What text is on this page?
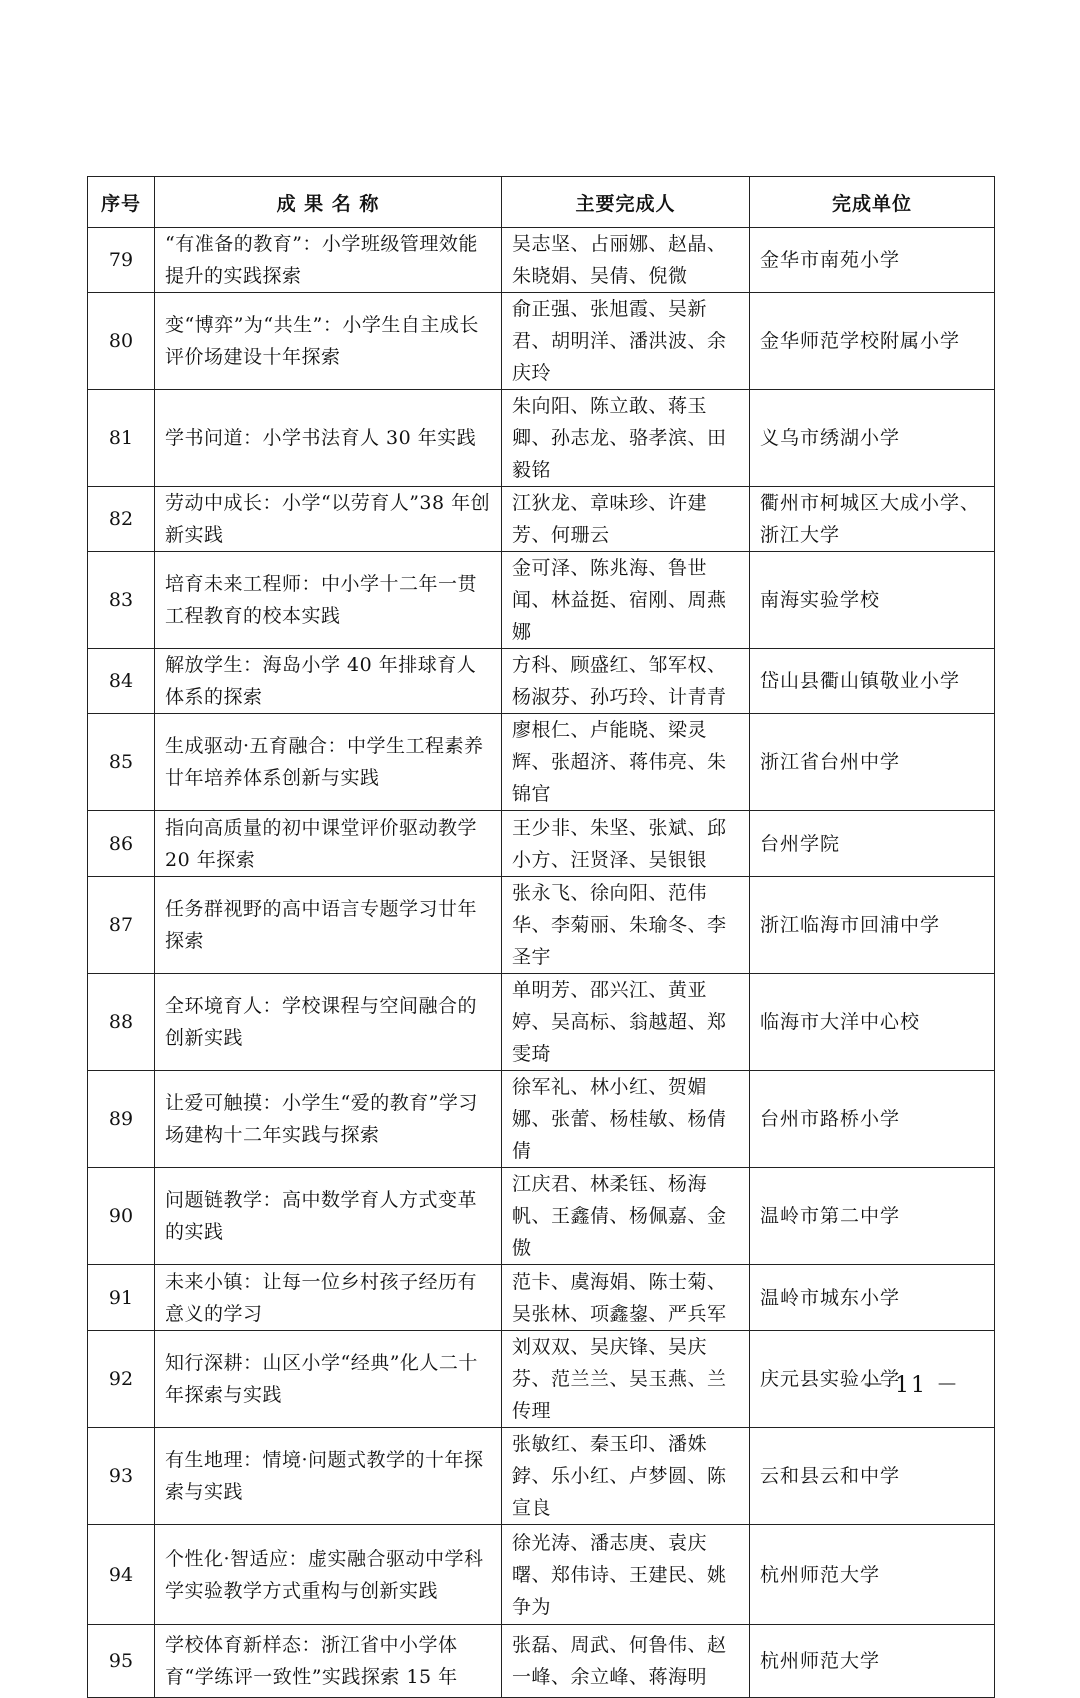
序号	成 果 名 称	主要完成人	完成单位
79	“有准备的教育”：小学班级管理效能提升的实践探索	吴志坚、占丽娜、赵晶、朱晓娟、吴倩、倪微	金华市南苑小学
80	变“博弈”为“共生”：小学生自主成长评价场建设十年探索	俞正强、张旭霞、吴新君、胡明洋、潘洪波、余庆玲	金华师范学校附属小学
81	学书问道：小学书法育人 30 年实践	朱向阳、陈立敢、蒋玉卿、孙志龙、骆孝滨、田毅铭	义乌市绣湖小学
82	劳动中成长：小学“以劳育人”38 年创新实践	江狄龙、章味珍、许建芳、何珊云	衢州市柯城区大成小学、浙江大学
83	培育未来工程师：中小学十二年一贯工程教育的校本实践	金可泽、陈兆海、鲁世闻、林益挺、宿刚、周燕娜	南海实验学校
84	解放学生：海岛小学 40 年排球育人体系的探索	方科、顾盛红、邹军权、杨淑芬、孙巧玲、计青青	岱山县衢山镇敬业小学
85	生成驱动·五育融合：中学生工程素养廿年培养体系创新与实践	廖根仁、卢能晓、梁灵辉、张超济、蒋伟亮、朱锦官	浙江省台州中学
86	指向高质量的初中课堂评价驱动教学 20 年探索	王少非、朱坚、张斌、邱小方、汪贤泽、吴银银	台州学院
87	任务群视野的高中语言专题学习廿年探索	张永飞、徐向阳、范伟华、李菊丽、朱瑜冬、李圣宇	浙江临海市回浦中学
88	全环境育人：学校课程与空间融合的创新实践	单明芳、邵兴江、黄亚婷、吴高标、翁越超、郑雯琦	临海市大洋中心校
89	让爱可触摸：小学生“爱的教育”学习场建构十二年实践与探索	徐军礼、林小红、贺媚娜、张蕾、杨桂敏、杨倩倩	台州市路桥小学
90	问题链教学：高中数学育人方式变革的实践	江庆君、林柔钰、杨海帆、王鑫倩、杨佩嘉、金傲	温岭市第二中学
91	未来小镇：让每一位乡村孩子经历有意义的学习	范卡、虞海娟、陈士菊、吴张林、项鑫鋆、严兵军	温岭市城东小学
92	知行深耕：山区小学“经典”化人二十年探索与实践	刘双双、吴庆锋、吴庆芬、范兰兰、吴玉燕、兰传理	庆元县实验小学
93	有生地理：情境·问题式教学的十年探索与实践	张敏红、秦玉印、潘姝鋍、乐小红、卢梦圆、陈宣良	云和县云和中学
94	个性化·智适应：虚实融合驱动中学科学实验教学方式重构与创新实践	徐光涛、潘志庚、袁庆曙、郑伟诗、王建民、姚争为	杭州师范大学
95	学校体育新样态：浙江省中小学体育“学练评一致性”实践探索 15 年	张磊、周武、何鲁伟、赵一峰、余立峰、蒋海明	杭州师范大学
－ 11 －
